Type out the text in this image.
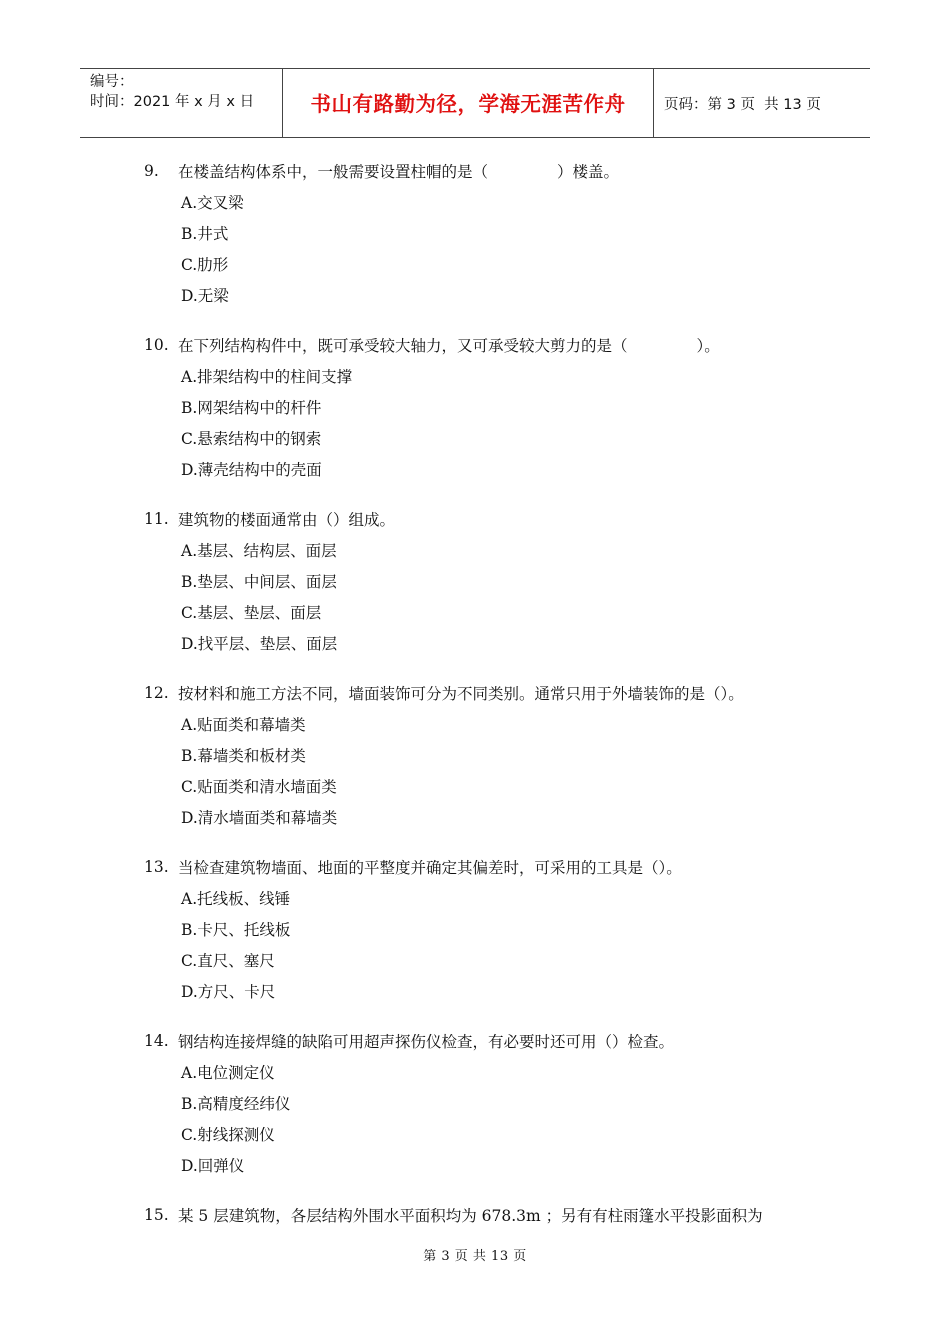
编号：
时间：2021 年 x 月 x 日	书山有路勤为径，学海无涯苦作舟	页码：第 3 页  共 13 页
9.	在楼盖结构体系中，一般需要设置柱帽的是（              ）楼盖。
A.交叉梁
B.井式
C.肋形
D.无梁
10. 在下列结构构件中，既可承受较大轴力，又可承受较大剪力的是（              ）。
A.排架结构中的柱间支撑
B.网架结构中的杆件
C.悬索结构中的钢索
D.薄壳结构中的壳面
11. 建筑物的楼面通常由（）组成。
A.基层、结构层、面层
B.垫层、中间层、面层
C.基层、垫层、面层
D.找平层、垫层、面层
12. 按材料和施工方法不同，墙面装饰可分为不同类别。通常只用于外墙装饰的是（）。
A.贴面类和幕墙类
B.幕墙类和板材类
C.贴面类和清水墙面类
D.清水墙面类和幕墙类
13. 当检查建筑物墙面、地面的平整度并确定其偏差时，可采用的工具是（）。
A.托线板、线锤
B.卡尺、托线板
C.直尺、塞尺
D.方尺、卡尺
14. 钢结构连接焊缝的缺陷可用超声探伤仪检查，有必要时还可用（）检查。
A.电位测定仪
B.高精度经纬仪
C.射线探测仪
D.回弹仪
15. 某 5 层建筑物，各层结构外围水平面积均为 678.3m ；另有有柱雨篷水平投影面积为
第 3 页 共 13 页
